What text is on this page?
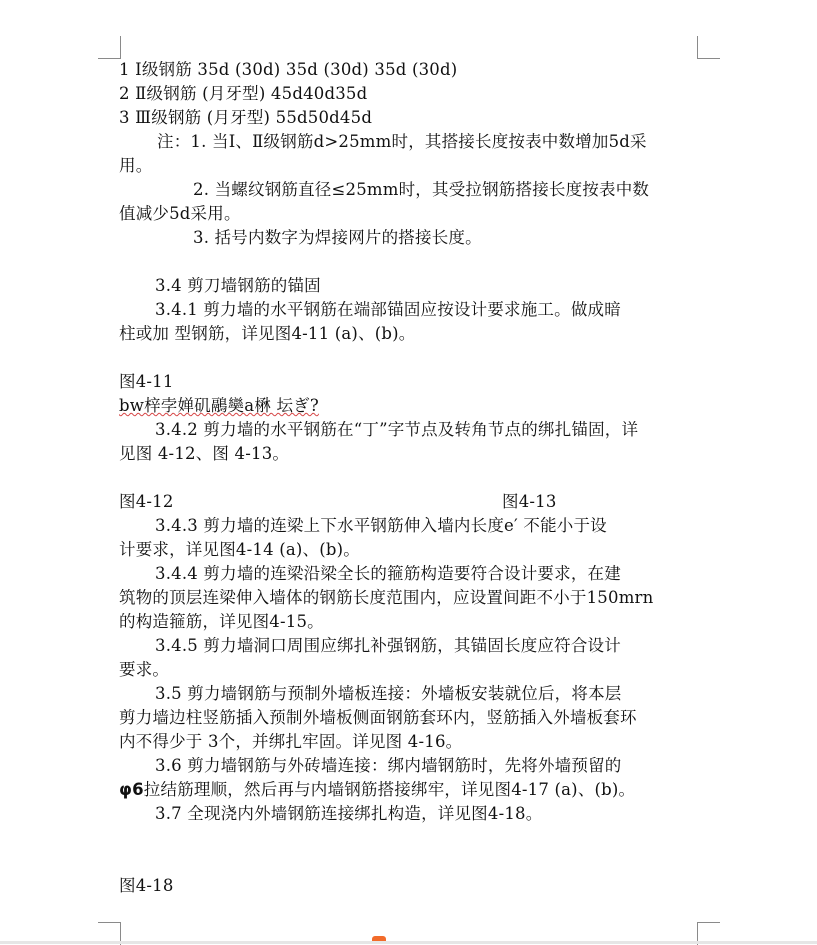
1 Ⅰ级钢筋 35d (30d) 35d (30d) 35d (30d)
2 Ⅱ级钢筋 (月牙型) 45d40d35d
3 Ⅲ级钢筋 (月牙型) 55d50d45d
注：1. 当Ⅰ、Ⅱ级钢筋d>25mm时，其搭接长度按表中数增加5d采
用。
2. 当螺纹钢筋直径≤25mm时，其受拉钢筋搭接长度按表中数
值减少5d采用。
3. 括号内数字为焊接网片的搭接长度。
3.4 剪刀墙钢筋的锚固
3.4.1 剪力墙的水平钢筋在端部锚固应按设计要求施工。做成暗
柱或加 型钢筋，详见图4-11 (a)、(b)。
图4-11
bw梓孛婵矶鷊奱a楙 坛ぎ?
3.4.2 剪力墙的水平钢筋在“丁”字节点及转角节点的绑扎锚固，详
见图 4-12、图 4-13。
图4-12	图4-13
3.4.3 剪力墙的连梁上下水平钢筋伸入墙内长度e′ 不能小于设
计要求，详见图4-14 (a)、(b)。
3.4.4 剪力墙的连梁沿梁全长的箍筋构造要符合设计要求，在建
筑物的顶层连梁伸入墙体的钢筋长度范围内，应设置间距不小于150mrn
的构造箍筋，详见图4-15。
3.4.5 剪力墙洞口周围应绑扎补强钢筋，其锚固长度应符合设计
要求。
3.5 剪力墙钢筋与预制外墙板连接：外墙板安装就位后，将本层
剪力墙边柱竖筋插入预制外墙板侧面钢筋套环内，竖筋插入外墙板套环
内不得少于 3个，并绑扎牢固。详见图 4-16。
3.6 剪力墙钢筋与外砖墙连接：绑内墙钢筋时，先将外墙预留的
φ6拉结筋理顺，然后再与内墙钢筋搭接绑牢，详见图4-17 (a)、(b)。
3.7 全现浇内外墙钢筋连接绑扎构造，详见图4-18。
图4-18
